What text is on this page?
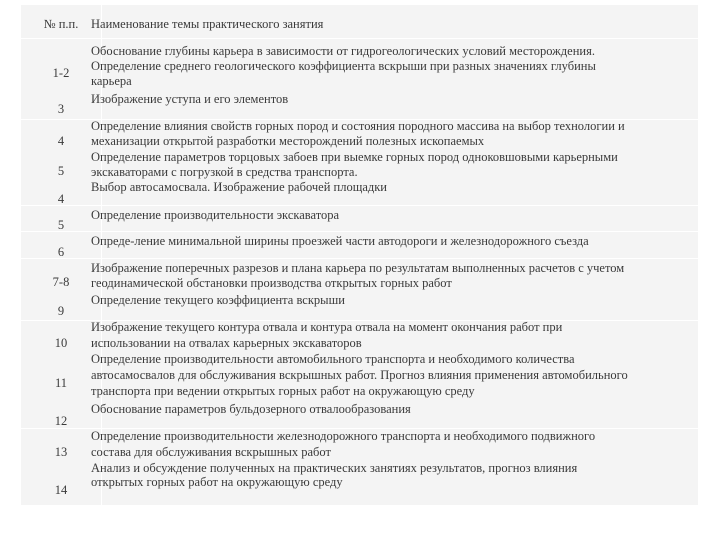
№ п.п.	Наименование темы практического занятия
1-2
3
4
5
4
5
6
7-8
9
10
11
12
13
14
Обоснование глубины карьера в зависимости от гидрогеологических условий месторождения.
Определение среднего геологического коэффициента вскрыши при разных значениях глубины
карьера
Изображение уступа и его элементов
Определение влияния свойств горных пород и состояния породного массива на выбор технологии и
механизации открытой разработки месторождений полезных ископаемых
Определение параметров торцовых забоев при выемке горных пород одноковшовыми карьерными
экскаваторами с погрузкой в средства транспорта.
Выбор автосамосвала. Изображение рабочей площадки
Определение производительности экскаватора
Опреде-ление минимальной ширины проезжей части автодороги и железнодорожного съезда
Изображение поперечных разрезов и плана карьера по результатам выполненных расчетов с учетом
геодинамической обстановки производства открытых горных работ
Определение текущего коэффициента вскрыши
Изображение текущего контура отвала и контура отвала на момент окончания работ при
использовании на отвалах карьерных экскаваторов
Определение производительности автомобильного транспорта и необходимого количества
автосамосвалов для обслуживания вскрышных работ. Прогноз влияния применения автомобильного
транспорта при ведении открытых горных работ на окружающую среду
Обоснование параметров бульдозерного отвалообразования
Определение производительности железнодорожного транспорта и необходимого подвижного
состава для обслуживания вскрышных работ
Анализ и обсуждение полученных на практических занятиях результатов, прогноз влияния
открытых горных работ на окружающую среду
